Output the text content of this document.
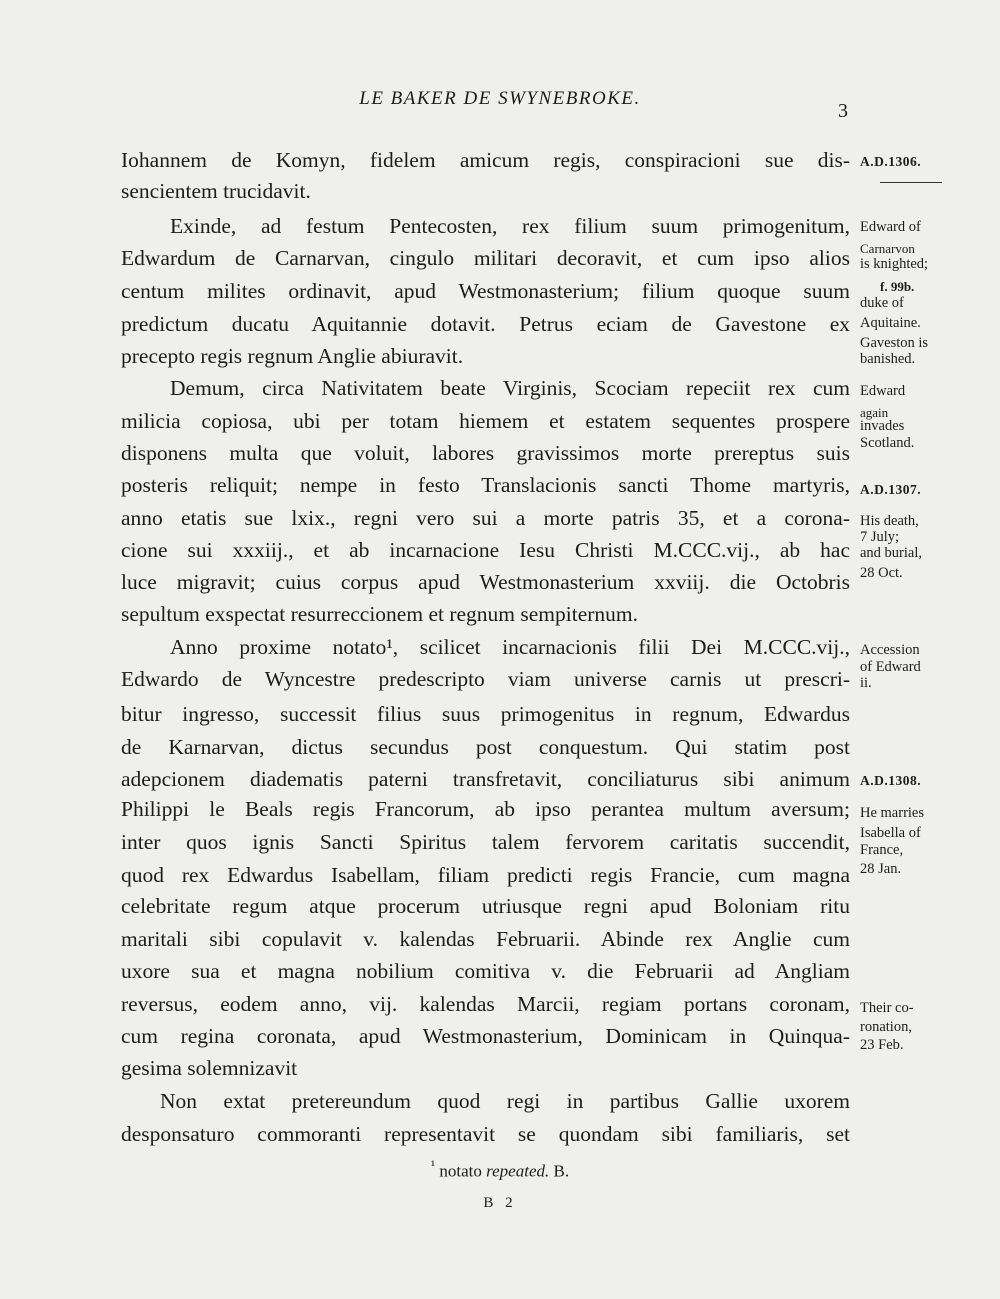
LE BAKER DE SWYNEBROKE.
3
Iohannem de Komyn, fidelem amicum regis, conspiracioni sue dis-
sencientem trucidavit.
Exinde, ad festum Pentecosten, rex filium suum primogenitum,
Edwardum de Carnarvan, cingulo militari decoravit, et cum ipso alios
centum milites ordinavit, apud Westmonasterium; filium quoque suum
predictum ducatu Aquitannie dotavit. Petrus eciam de Gavestone ex
precepto regis regnum Anglie abiuravit.
Demum, circa Nativitatem beate Virginis, Scociam repeciit rex cum
milicia copiosa, ubi per totam hiemem et estatem sequentes prospere
disponens multa que voluit, labores gravissimos morte prereptus suis
posteris reliquit; nempe in festo Translacionis sancti Thome martyris,
anno etatis sue lxix., regni vero sui a morte patris 35, et a corona-
cione sui xxxiij., et ab incarnacione Iesu Christi M.CCC.vij., ab hac
luce migravit; cuius corpus apud Westmonasterium xxviij. die Octobris
sepultum exspectat resurreccionem et regnum sempiternum.
Anno proxime notato¹, scilicet incarnacionis filii Dei M.CCC.vij.,
Edwardo de Wyncestre predescripto viam universe carnis ut prescri-
bitur ingresso, successit filius suus primogenitus in regnum, Edwardus
de Karnarvan, dictus secundus post conquestum. Qui statim post
adepcionem diadematis paterni transfretavit, conciliaturus sibi animum
Philippi le Beals regis Francorum, ab ipso perantea multum aversum;
inter quos ignis Sancti Spiritus talem fervorem caritatis succendit,
quod rex Edwardus Isabellam, filiam predicti regis Francie, cum magna
celebritate regum atque procerum utriusque regni apud Boloniam ritu
maritali sibi copulavit v. kalendas Februarii. Abinde rex Anglie cum
uxore sua et magna nobilium comitiva v. die Februarii ad Angliam
reversus, eodem anno, vij. kalendas Marcii, regiam portans coronam,
cum regina coronata, apud Westmonasterium, Dominicam in Quinqua-
gesima solemnizavit
Non extat pretereundum quod regi in partibus Gallie uxorem
desponsaturo commoranti representavit se quondam sibi familiaris, set
A.D.1306.
Edward of
Carnarvon
is knighted;
f. 99b.
duke of
Aquitaine.
Gaveston is
banished.
Edward
again
invades
Scotland.
A.D.1307.
His death,
7 July;
and burial,
28 Oct.
Accession
of Edward
ii.
A.D.1308.
He marries
Isabella of
France,
28 Jan.
Their co-
ronation,
23 Feb.
$^{^1}$ notato repeated. B.
B 2
